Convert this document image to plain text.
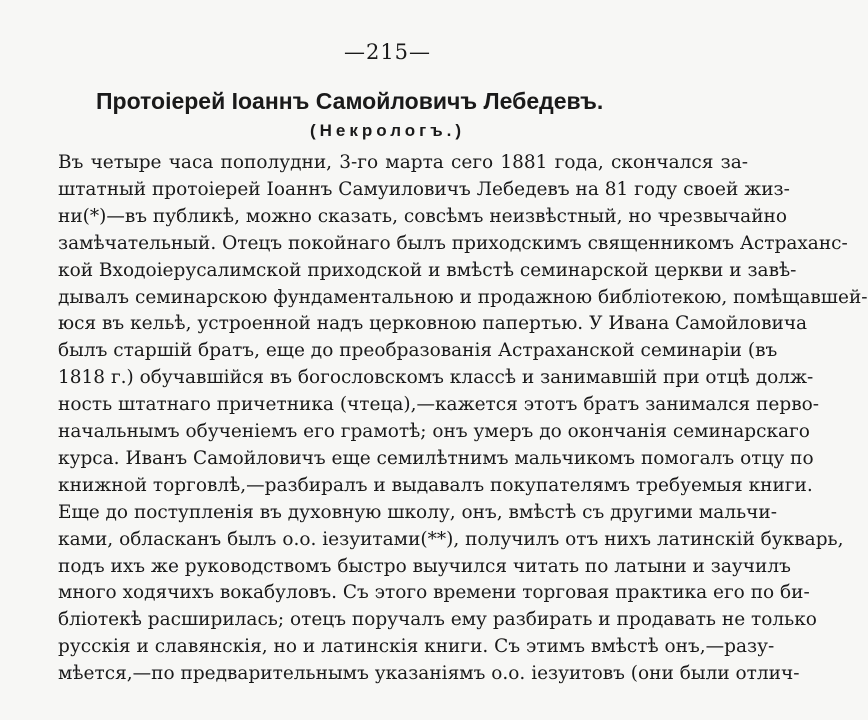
—215—
Протоіерей Іоаннъ Самойловичъ Лебедевъ.
(Некрологъ.)
Въ четыре часа пополудни, 3-го марта сего 1881 года, скончался за-
штатный протоіерей Іоаннъ Самуиловичъ Лебедевъ на 81 году своей жиз-
ни(*)—въ публикѣ, можно сказать, совсѣмъ неизвѣстный, но чрезвычайно
замѣчательный. Отецъ покойнаго былъ приходскимъ священникомъ Астраханс-
кой Входоіерусалимской приходской и вмѣстѣ семинарской церкви и завѣ-
дывалъ семинарскою фундаментальною и продажною библіотекою, помѣщавшей-
юся въ кельѣ, устроенной надъ церковною папертью. У Ивана Самойловича
былъ старшій братъ, еще до преобразованія Астраханской семинаріи (въ
1818 г.) обучавшійся въ богословскомъ классѣ и занимавшій при отцѣ долж-
ность штатнаго причетника (чтеца),—кажется этотъ братъ занимался перво-
начальнымъ обученіемъ его грамотѣ; онъ умеръ до окончанія семинарскаго
курса. Иванъ Самойловичъ еще семилѣтнимъ мальчикомъ помогалъ отцу по
книжной торговлѣ,—разбиралъ и выдавалъ покупателямъ требуемыя книги.
Еще до поступленія въ духовную школу, онъ, вмѣстѣ съ другими мальчи-
ками, обласканъ былъ о.о. іезуитами(**), получилъ отъ нихъ латинскій букварь,
подъ ихъ же руководствомъ быстро выучился читать по латыни и заучилъ
много ходячихъ вокабуловъ. Съ этого времени торговая практика его по би-
бліотекѣ расширилась; отецъ поручалъ ему разбирать и продавать не только
русскія и славянскія, но и латинскія книги. Съ этимъ вмѣстѣ онъ,—разу-
мѣется,—по предварительнымъ указаніямъ о.о. іезуитовъ (они были отлич-
